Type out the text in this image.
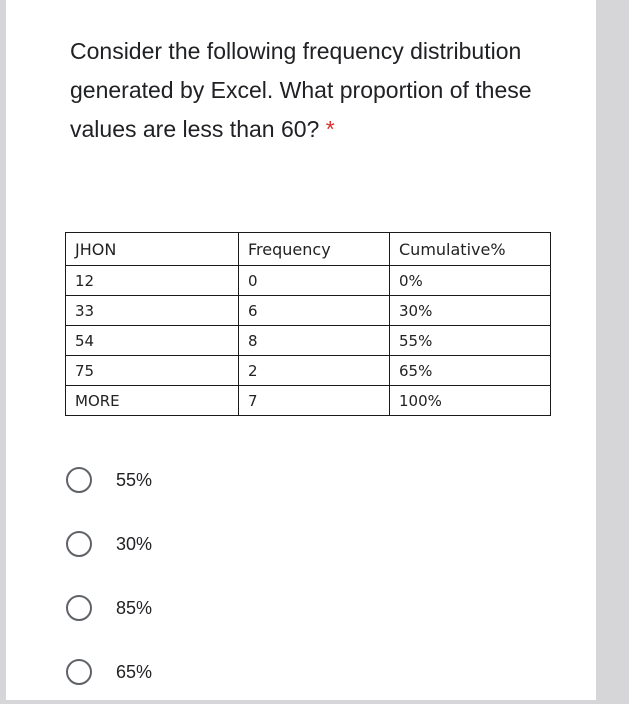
Consider the following frequency distribution generated by Excel. What proportion of these values are less than 60? *
JHON	Frequency	Cumulative%
12	0	0%
33	6	30%
54	8	55%
75	2	65%
MORE	7	100%
55%
30%
85%
65%
